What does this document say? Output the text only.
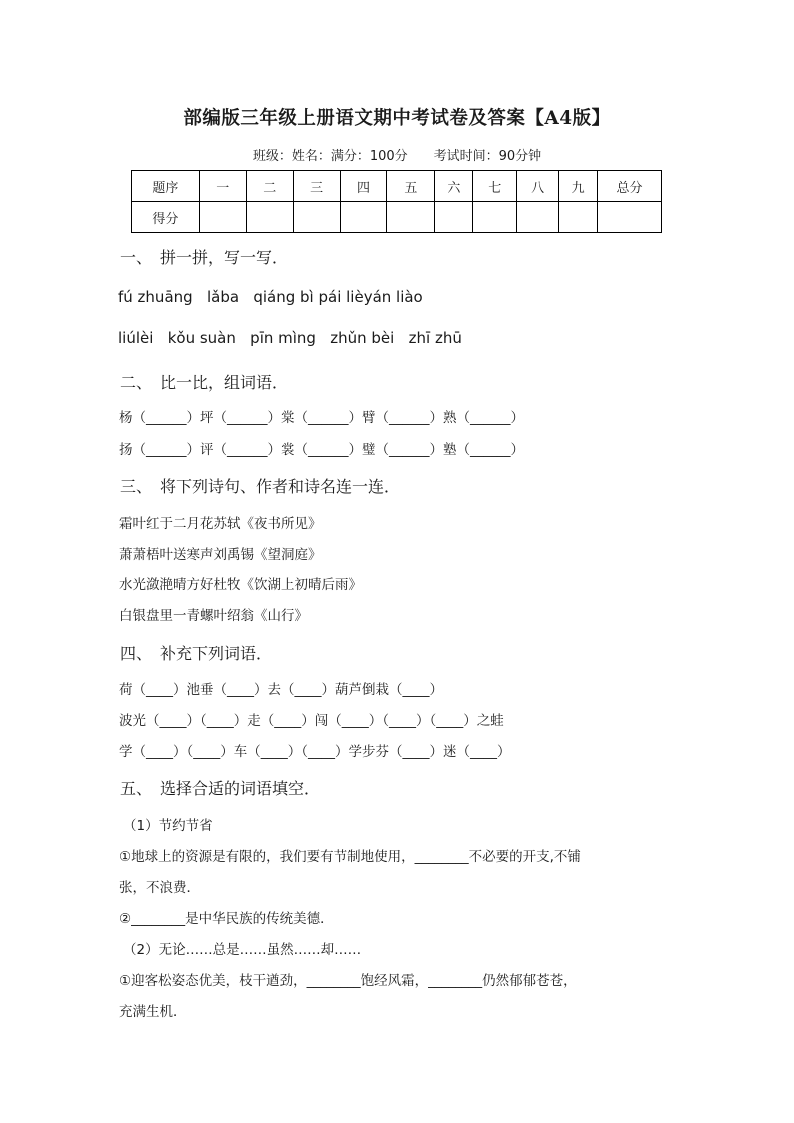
部编版三年级上册语文期中考试卷及答案【A4版】
班级：姓名：满分：100分　　考试时间：90分钟
题序	一	二	三	四	五	六	七	八	九	总分
得分										
一、　拼一拼，写一写．
fú zhuāng   lǎba   qiáng bì pái lièyán liào
liúlèi   kǒu suàn   pīn mìng   zhǔn bèi   zhī zhū
二、　比一比，组词语．
杨（______）坪（______）棠（______）臂（______）熟（______）
扬（______）评（______）裳（______）璧（______）塾（______）
三、　将下列诗句、作者和诗名连一连．
霜叶红于二月花苏轼《夜书所见》
萧萧梧叶送寒声刘禹锡《望洞庭》
水光潋滟晴方好杜牧《饮湖上初晴后雨》
白银盘里一青螺叶绍翁《山行》
四、　补充下列词语．
荷（____）池垂（____）去（____）葫芦倒栽（____）
波光（____）（____）走（____）闯（____）（____）（____）之蛙
学（____）（____）车（____）（____）学步芬（____）迷（____）
五、　选择合适的词语填空．
（1）节约节省
①地球上的资源是有限的，我们要有节制地使用，________不必要的开支,不铺
张，不浪费．
②________是中华民族的传统美德．
（2）无论……总是……虽然……却……
①迎客松姿态优美，枝干遒劲，________饱经风霜，________仍然郁郁苍苍，
充满生机．
